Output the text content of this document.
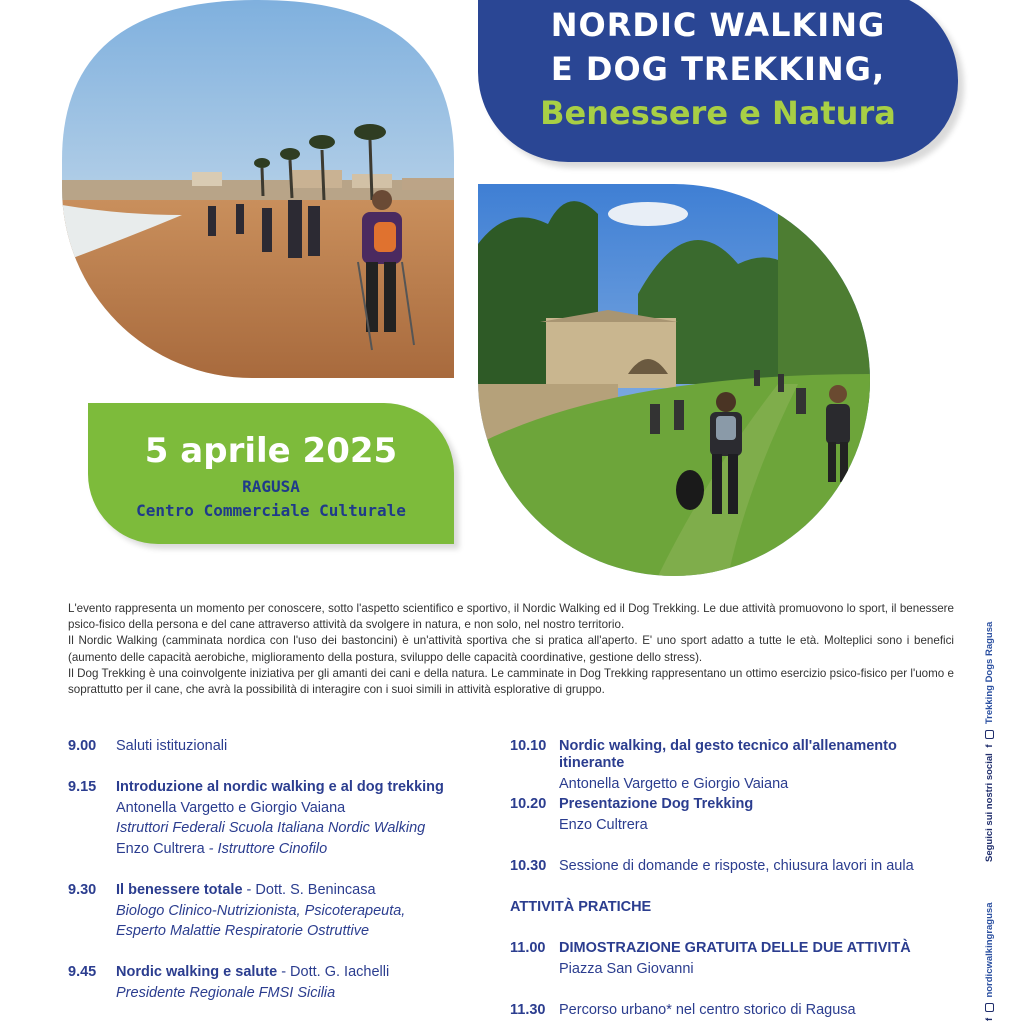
NORDIC WALKING
E DOG TREKKING,
Benessere e Natura
5 aprile 2025
RAGUSA
Centro Commerciale Culturale

L'evento rappresenta un momento per conoscere, sotto l'aspetto scientifico e sportivo, il Nordic Walking ed il Dog Trekking. Le due attività promuovono lo sport, il benessere psico-fisico della persona e del cane attraverso attività da svolgere in natura, e non solo, nel nostro territorio.

Il Nordic Walking (camminata nordica con l'uso dei bastoncini) è un'attività sportiva che si pratica all'aperto. E' uno sport adatto a tutte le età. Molteplici sono i benefici (aumento delle capacità aerobiche, miglioramento della postura, sviluppo delle capacità coordinative, gestione dello stress).

Il Dog Trekking è una coinvolgente iniziativa per gli amanti dei cani e della natura. Le camminate in Dog Trekking rappresentano un ottimo esercizio psico-fisico per l'uomo e soprattutto per il cane, che avrà la possibilità di interagire con i suoi simili in attività esplorative di gruppo.

9.00 Saluti istituzionali
9.15 Introduzione al nordic walking e al dog trekking
Antonella Vargetto e Giorgio Vaiana
Istruttori Federali Scuola Italiana Nordic Walking
Enzo Cultrera - Istruttore Cinofilo
9.30 Il benessere totale - Dott. S. Benincasa
Biologo Clinico-Nutrizionista, Psicoterapeuta,
Esperto Malattie Respiratorie Ostruttive
9.45 Nordic walking e salute - Dott. G. Iachelli
Presidente Regionale FMSI Sicilia
10.10 Nordic walking, dal gesto tecnico all'allenamento
itinerante
Antonella Vargetto e Giorgio Vaiana
10.20 Presentazione Dog Trekking
Enzo Cultrera
10.30 Sessione di domande e risposte, chiusura lavori in aula
ATTIVITÀ PRATICHE
11.00 DIMOSTRAZIONE GRATUITA DELLE DUE ATTIVITÀ
Piazza San Giovanni
11.30 Percorso urbano* nel centro storico di Ragusa
Seguici sui nostri social f  Trekking Dogs Ragusa
f  nordicwalkingragusa
